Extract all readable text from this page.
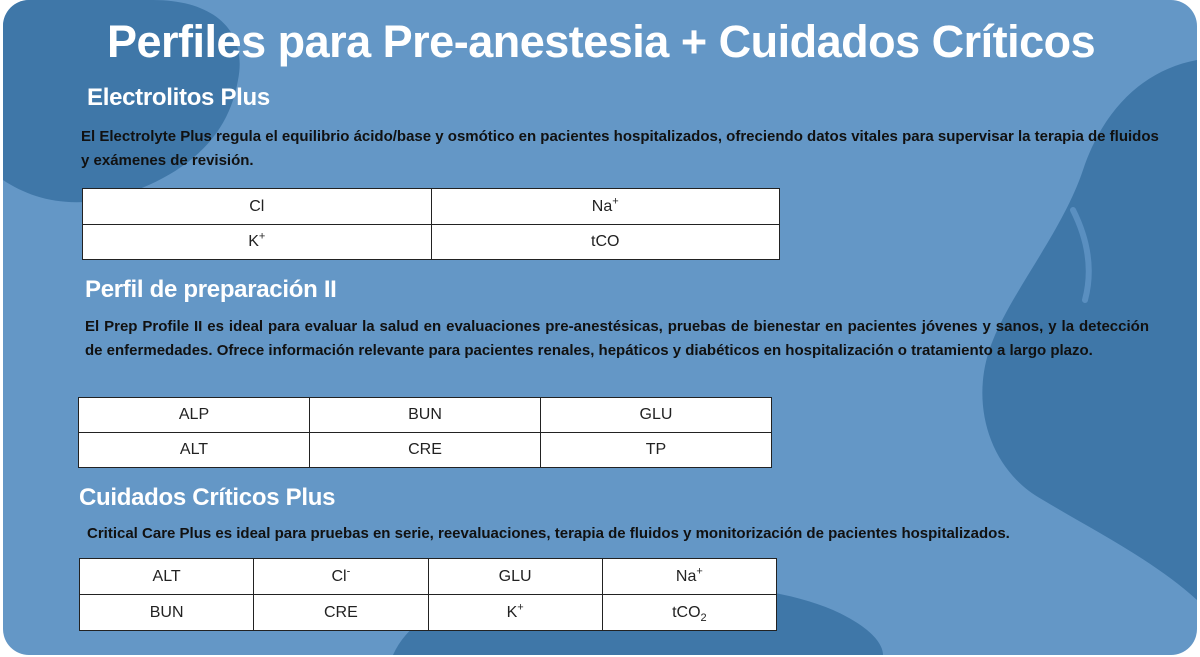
Perfiles para Pre-anestesia + Cuidados Críticos
Electrolitos Plus

El Electrolyte Plus regula el equilibrio ácido/base y osmótico en pacientes hospitalizados, ofreciendo datos vitales para supervisar la terapia de fluidos y exámenes de revisión.

Cl	Na+
K+	tCO
Perfil de preparación II

El Prep Profile II es ideal para evaluar la salud en evaluaciones pre-anestésicas, pruebas de bienestar en pacientes jóvenes y sanos, y la detección de enfermedades. Ofrece información relevante para pacientes renales, hepáticos y diabéticos en hospitalización o tratamiento a largo plazo.

ALP	BUN	GLU
ALT	CRE	TP
Cuidados Críticos Plus

Critical Care Plus es ideal para pruebas en serie, reevaluaciones, terapia de fluidos y monitorización de pacientes hospitalizados.

ALT	Cl-	GLU	Na+
BUN	CRE	K+	tCO$_2$
